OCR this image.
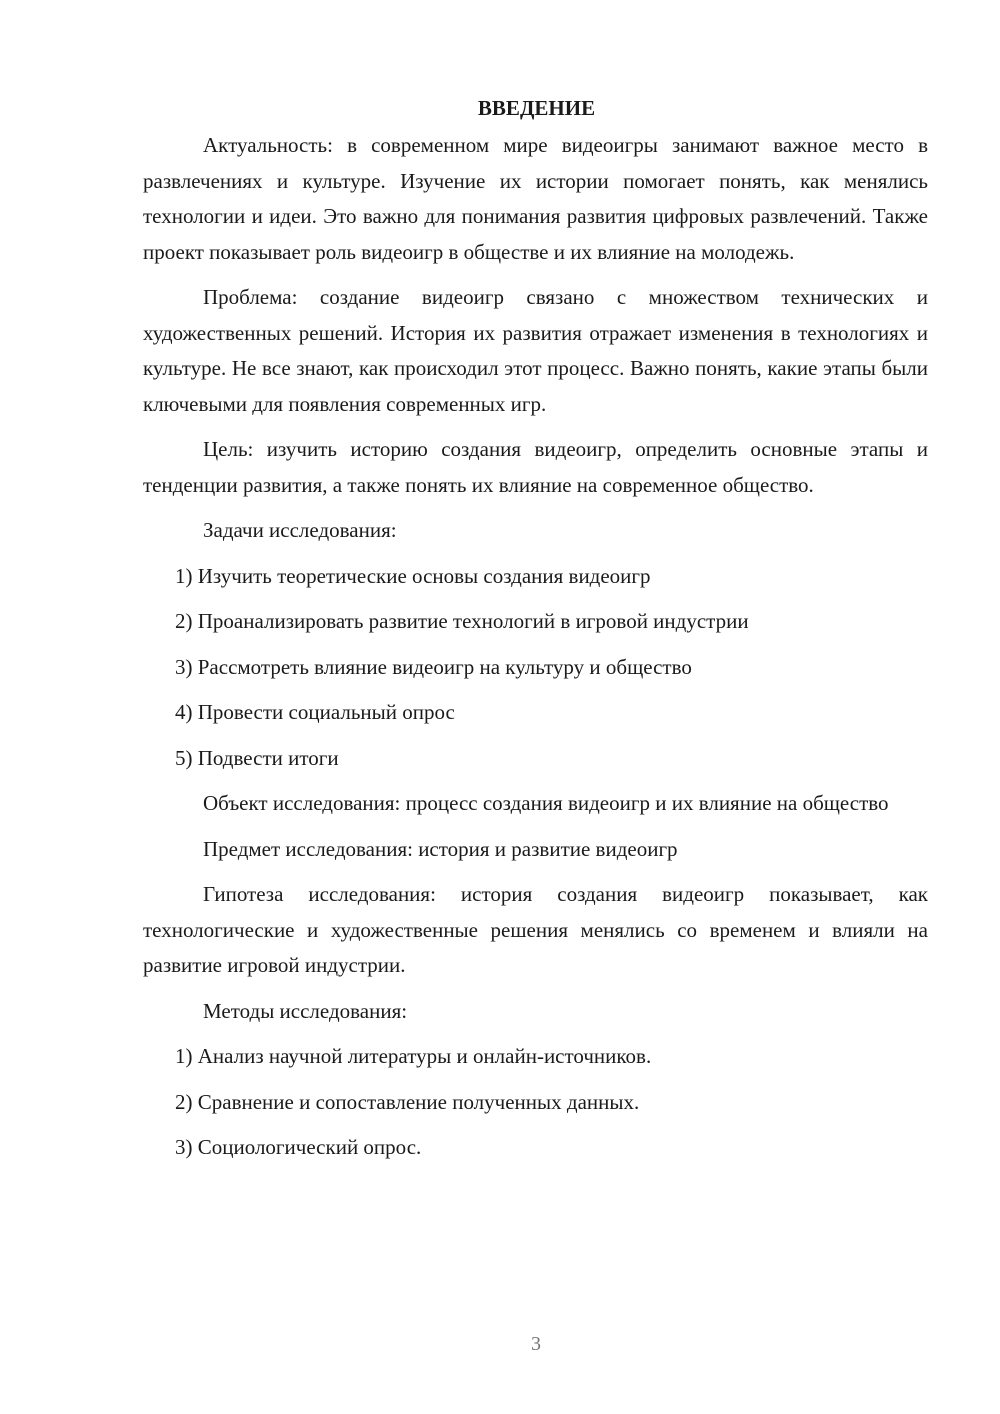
ВВЕДЕНИЕ

Актуальность: в современном мире видеоигры занимают важное место в развлечениях и культуре. Изучение их истории помогает понять, как менялись технологии и идеи. Это важно для понимания развития цифровых развлечений. Также проект показывает роль видеоигр в обществе и их влияние на молодежь.

Проблема: создание видеоигр связано с множеством технических и художественных решений. История их развития отражает изменения в технологиях и культуре. Не все знают, как происходил этот процесс. Важно понять, какие этапы были ключевыми для появления современных игр.

Цель: изучить историю создания видеоигр, определить основные этапы и тенденции развития, а также понять их влияние на современное общество.

Задачи исследования:

1) Изучить теоретические основы создания видеоигр

2) Проанализировать развитие технологий в игровой индустрии

3) Рассмотреть влияние видеоигр на культуру и общество

4) Провести социальный опрос

5) Подвести итоги

Объект исследования: процесс создания видеоигр и их влияние на общество

Предмет исследования: история и развитие видеоигр

Гипотеза исследования: история создания видеоигр показывает, как технологические и художественные решения менялись со временем и влияли на развитие игровой индустрии.

Методы исследования:

1) Анализ научной литературы и онлайн-источников.

2) Сравнение и сопоставление полученных данных.

3) Социологический опрос.

3
